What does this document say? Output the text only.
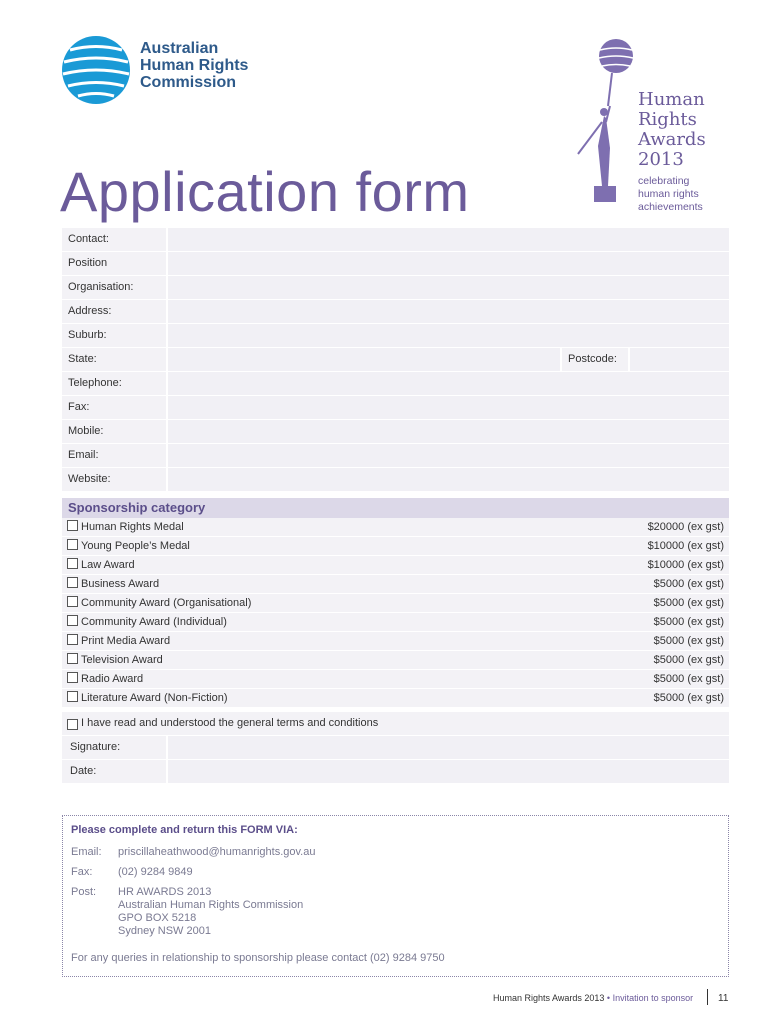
Australian
Human Rights
Commission
Application form
Human
Rights
Awards
2013
celebrating
human rights
achievements
Contact:
Position
Organisation:
Address:
Suburb:
State:	Postcode:
Telephone:
Fax:
Mobile:
Email:
Website:
Sponsorship category
Human Rights Medal	$20000 (ex gst)
Young People’s Medal	$10000 (ex gst)
Law Award	$10000 (ex gst)
Business Award	$5000 (ex gst)
Community Award (Organisational)	$5000 (ex gst)
Community Award (Individual)	$5000 (ex gst)
Print Media Award	$5000 (ex gst)
Television Award	$5000 (ex gst)
Radio Award	$5000 (ex gst)
Literature Award (Non-Fiction)	$5000 (ex gst)
I have read and understood the general terms and conditions
Signature:
Date:
Please complete and return this FORM VIA:
Email: priscillaheathwood@humanrights.gov.au
Fax: (02) 9284 9849
Post: HR AWARDS 2013
Australian Human Rights Commission
GPO BOX 5218
Sydney NSW 2001
For any queries in relationship to sponsorship please contact (02) 9284 9750
Human Rights Awards 2013 • Invitation to sponsor 11
